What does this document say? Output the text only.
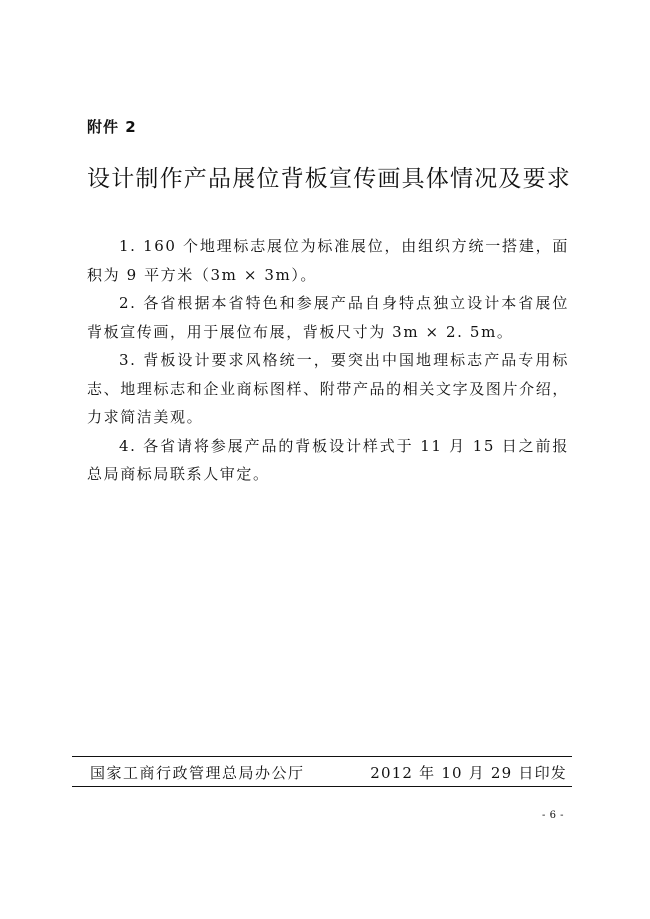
附件 2
设计制作产品展位背板宣传画具体情况及要求

1. 160 个地理标志展位为标准展位，由组织方统一搭建，面积为 9 平方米（3m × 3m）。

2. 各省根据本省特色和参展产品自身特点独立设计本省展位背板宣传画，用于展位布展，背板尺寸为 3m × 2. 5m。

3. 背板设计要求风格统一，要突出中国地理标志产品专用标志、地理标志和企业商标图样、附带产品的相关文字及图片介绍，力求简洁美观。

4. 各省请将参展产品的背板设计样式于 11 月 15 日之前报总局商标局联系人审定。

国家工商行政管理总局办公厅	2012 年 10 月 29 日印发
- 6 -
